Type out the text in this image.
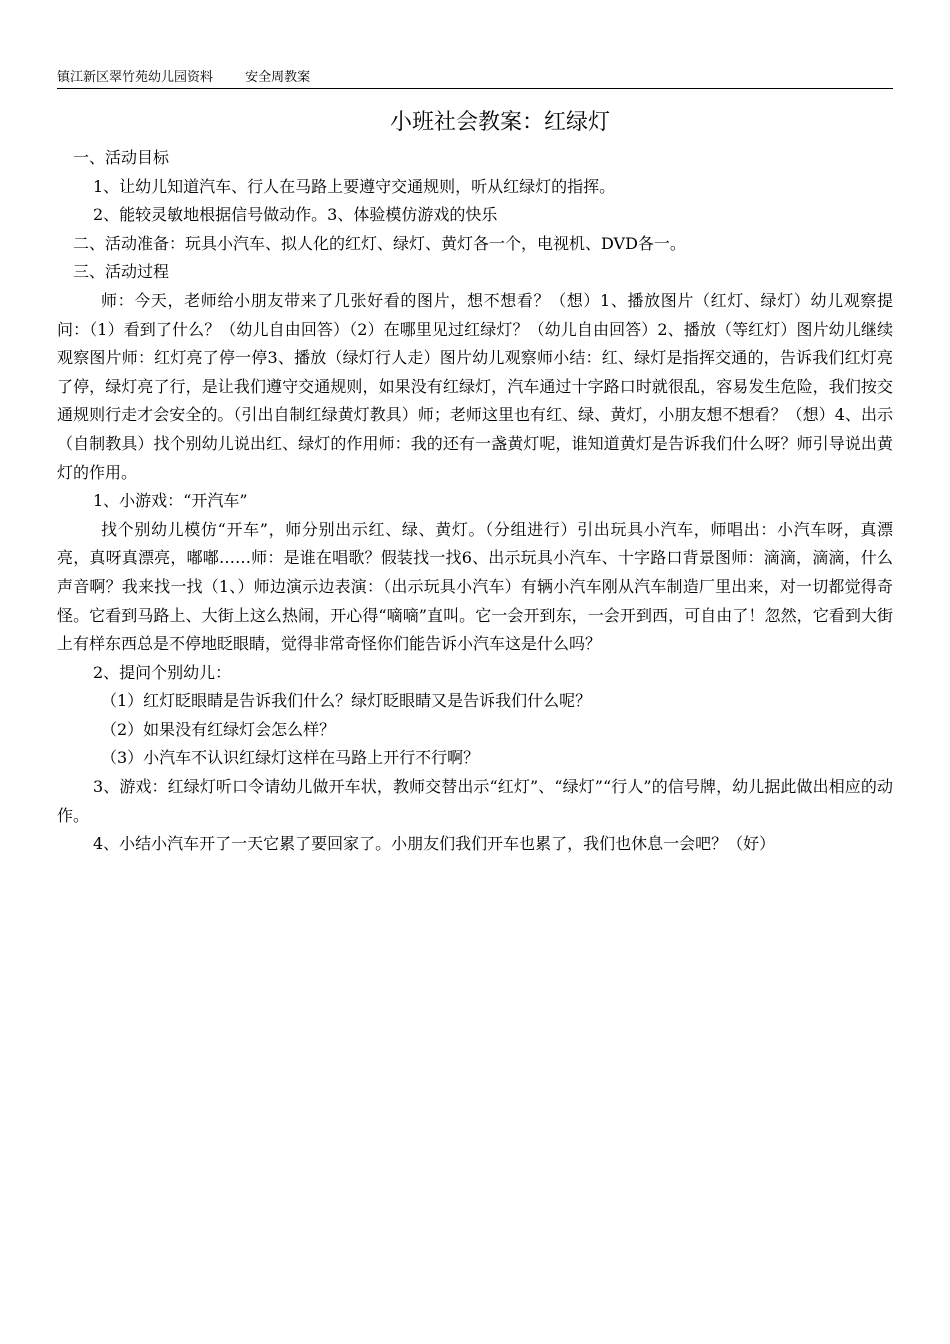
镇江新区翠竹苑幼儿园资料 安全周教案
小班社会教案：红绿灯

一、活动目标

1、让幼儿知道汽车、行人在马路上要遵守交通规则，听从红绿灯的指挥。

2、能较灵敏地根据信号做动作。3、体验模仿游戏的快乐

二、活动准备：玩具小汽车、拟人化的红灯、绿灯、黄灯各一个，电视机、DVD各一。

三、活动过程

师：今天，老师给小朋友带来了几张好看的图片，想不想看？（想）1、播放图片（红灯、绿灯）幼儿观察提问：（1）看到了什么？（幼儿自由回答）（2）在哪里见过红绿灯？（幼儿自由回答）2、播放（等红灯）图片幼儿继续观察图片师：红灯亮了停一停3、播放（绿灯行人走）图片幼儿观察师小结：红、绿灯是指挥交通的，告诉我们红灯亮了停，绿灯亮了行，是让我们遵守交通规则，如果没有红绿灯，汽车通过十字路口时就很乱，容易发生危险，我们按交通规则行走才会安全的。（引出自制红绿黄灯教具）师；老师这里也有红、绿、黄灯，小朋友想不想看？（想）4、出示（自制教具）找个别幼儿说出红、绿灯的作用师：我的还有一盏黄灯呢，谁知道黄灯是告诉我们什么呀？师引导说出黄灯的作用。

1、小游戏：“开汽车”

找个别幼儿模仿“开车”，师分别出示红、绿、黄灯。（分组进行）引出玩具小汽车，师唱出：小汽车呀，真漂亮，真呀真漂亮，嘟嘟……师：是谁在唱歌？假装找一找6、出示玩具小汽车、十字路口背景图师：滴滴，滴滴，什么声音啊？我来找一找（1、）师边演示边表演：（出示玩具小汽车）有辆小汽车刚从汽车制造厂里出来，对一切都觉得奇怪。它看到马路上、大街上这么热闹，开心得“嘀嘀”直叫。它一会开到东，一会开到西，可自由了！忽然，它看到大街上有样东西总是不停地眨眼睛，觉得非常奇怪你们能告诉小汽车这是什么吗？

2、提问个别幼儿：

（1）红灯眨眼睛是告诉我们什么？绿灯眨眼睛又是告诉我们什么呢？

（2）如果没有红绿灯会怎么样？

（3）小汽车不认识红绿灯这样在马路上开行不行啊？

3、游戏：红绿灯听口令请幼儿做开车状，教师交替出示“红灯”、“绿灯”“行人”的信号牌，幼儿据此做出相应的动作。

4、小结小汽车开了一天它累了要回家了。小朋友们我们开车也累了，我们也休息一会吧？（好）
